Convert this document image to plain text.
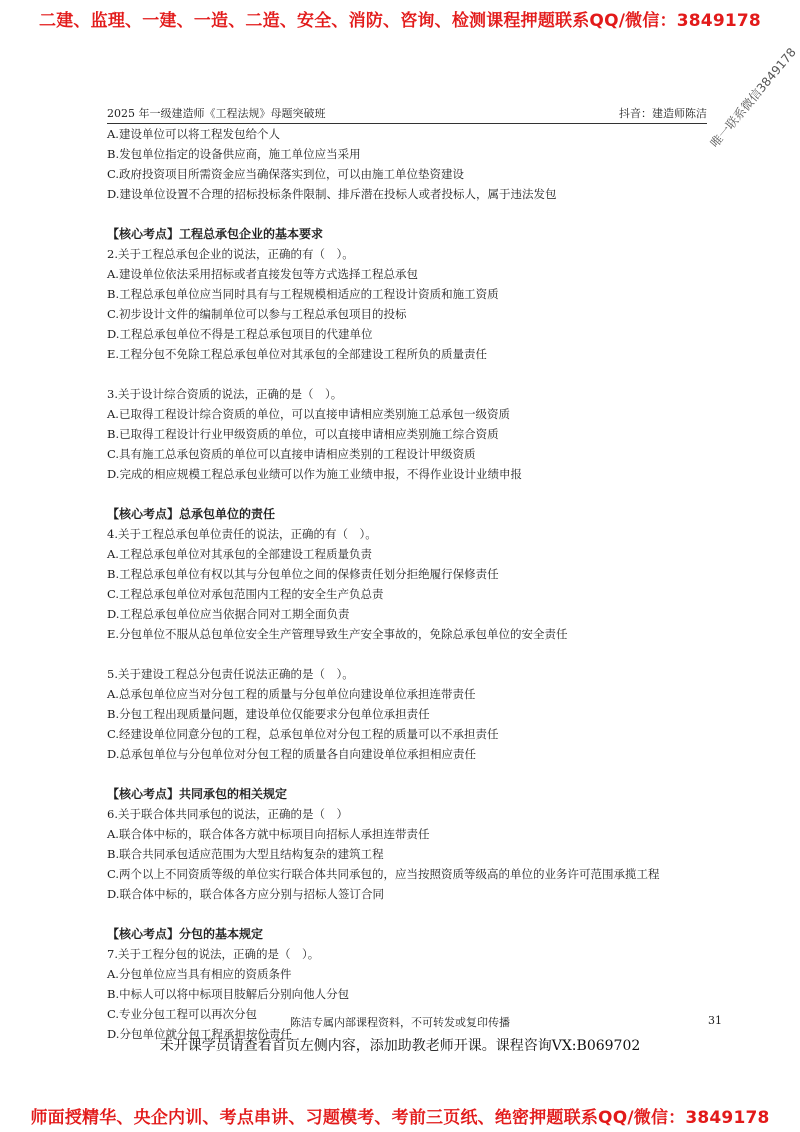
二建、监理、一建、一造、二造、安全、消防、咨询、检测课程押题联系QQ/微信：3849178
2025 年一级建造师《工程法规》母题突破班	抖音：建造师陈洁 唯一联系微信3849178
A.建设单位可以将工程发包给个人
B.发包单位指定的设备供应商，施工单位应当采用
C.政府投资项目所需资金应当确保落实到位，可以由施工单位垫资建设
D.建设单位设置不合理的招标投标条件限制、排斥潜在投标人或者投标人，属于违法发包
【核心考点】工程总承包企业的基本要求
2.关于工程总承包企业的说法，正确的有（　）。
A.建设单位依法采用招标或者直接发包等方式选择工程总承包
B.工程总承包单位应当同时具有与工程规模相适应的工程设计资质和施工资质
C.初步设计文件的编制单位可以参与工程总承包项目的投标
D.工程总承包单位不得是工程总承包项目的代建单位
E.工程分包不免除工程总承包单位对其承包的全部建设工程所负的质量责任
3.关于设计综合资质的说法，正确的是（　）。
A.已取得工程设计综合资质的单位，可以直接申请相应类别施工总承包一级资质
B.已取得工程设计行业甲级资质的单位，可以直接申请相应类别施工综合资质
C.具有施工总承包资质的单位可以直接申请相应类别的工程设计甲级资质
D.完成的相应规模工程总承包业绩可以作为施工业绩申报，不得作业设计业绩申报
【核心考点】总承包单位的责任
4.关于工程总承包单位责任的说法，正确的有（　）。
A.工程总承包单位对其承包的全部建设工程质量负责
B.工程总承包单位有权以其与分包单位之间的保修责任划分拒绝履行保修责任
C.工程总承包单位对承包范围内工程的安全生产负总责
D.工程总承包单位应当依据合同对工期全面负责
E.分包单位不服从总包单位安全生产管理导致生产安全事故的，免除总承包单位的安全责任
5.关于建设工程总分包责任说法正确的是（　）。
A.总承包单位应当对分包工程的质量与分包单位向建设单位承担连带责任
B.分包工程出现质量问题，建设单位仅能要求分包单位承担责任
C.经建设单位同意分包的工程，总承包单位对分包工程的质量可以不承担责任
D.总承包单位与分包单位对分包工程的质量各自向建设单位承担相应责任
【核心考点】共同承包的相关规定
6.关于联合体共同承包的说法，正确的是（　）
A.联合体中标的，联合体各方就中标项目向招标人承担连带责任
B.联合共同承包适应范围为大型且结构复杂的建筑工程
C.两个以上不同资质等级的单位实行联合体共同承包的，应当按照资质等级高的单位的业务许可范围承揽工程
D.联合体中标的，联合体各方应分别与招标人签订合同
【核心考点】分包的基本规定
7.关于工程分包的说法，正确的是（　）。
A.分包单位应当具有相应的资质条件
B.中标人可以将中标项目肢解后分别向他人分包
C.专业分包工程可以再次分包
D.分包单位就分包工程承担按份责任
陈洁专属内部课程资料，不可转发或复印传播	31
未开课学员请查看首页左侧内容，添加助教老师开课。课程咨询VX:B069702
师面授精华、央企内训、考点串讲、习题模考、考前三页纸、绝密押题联系QQ/微信：3849178
